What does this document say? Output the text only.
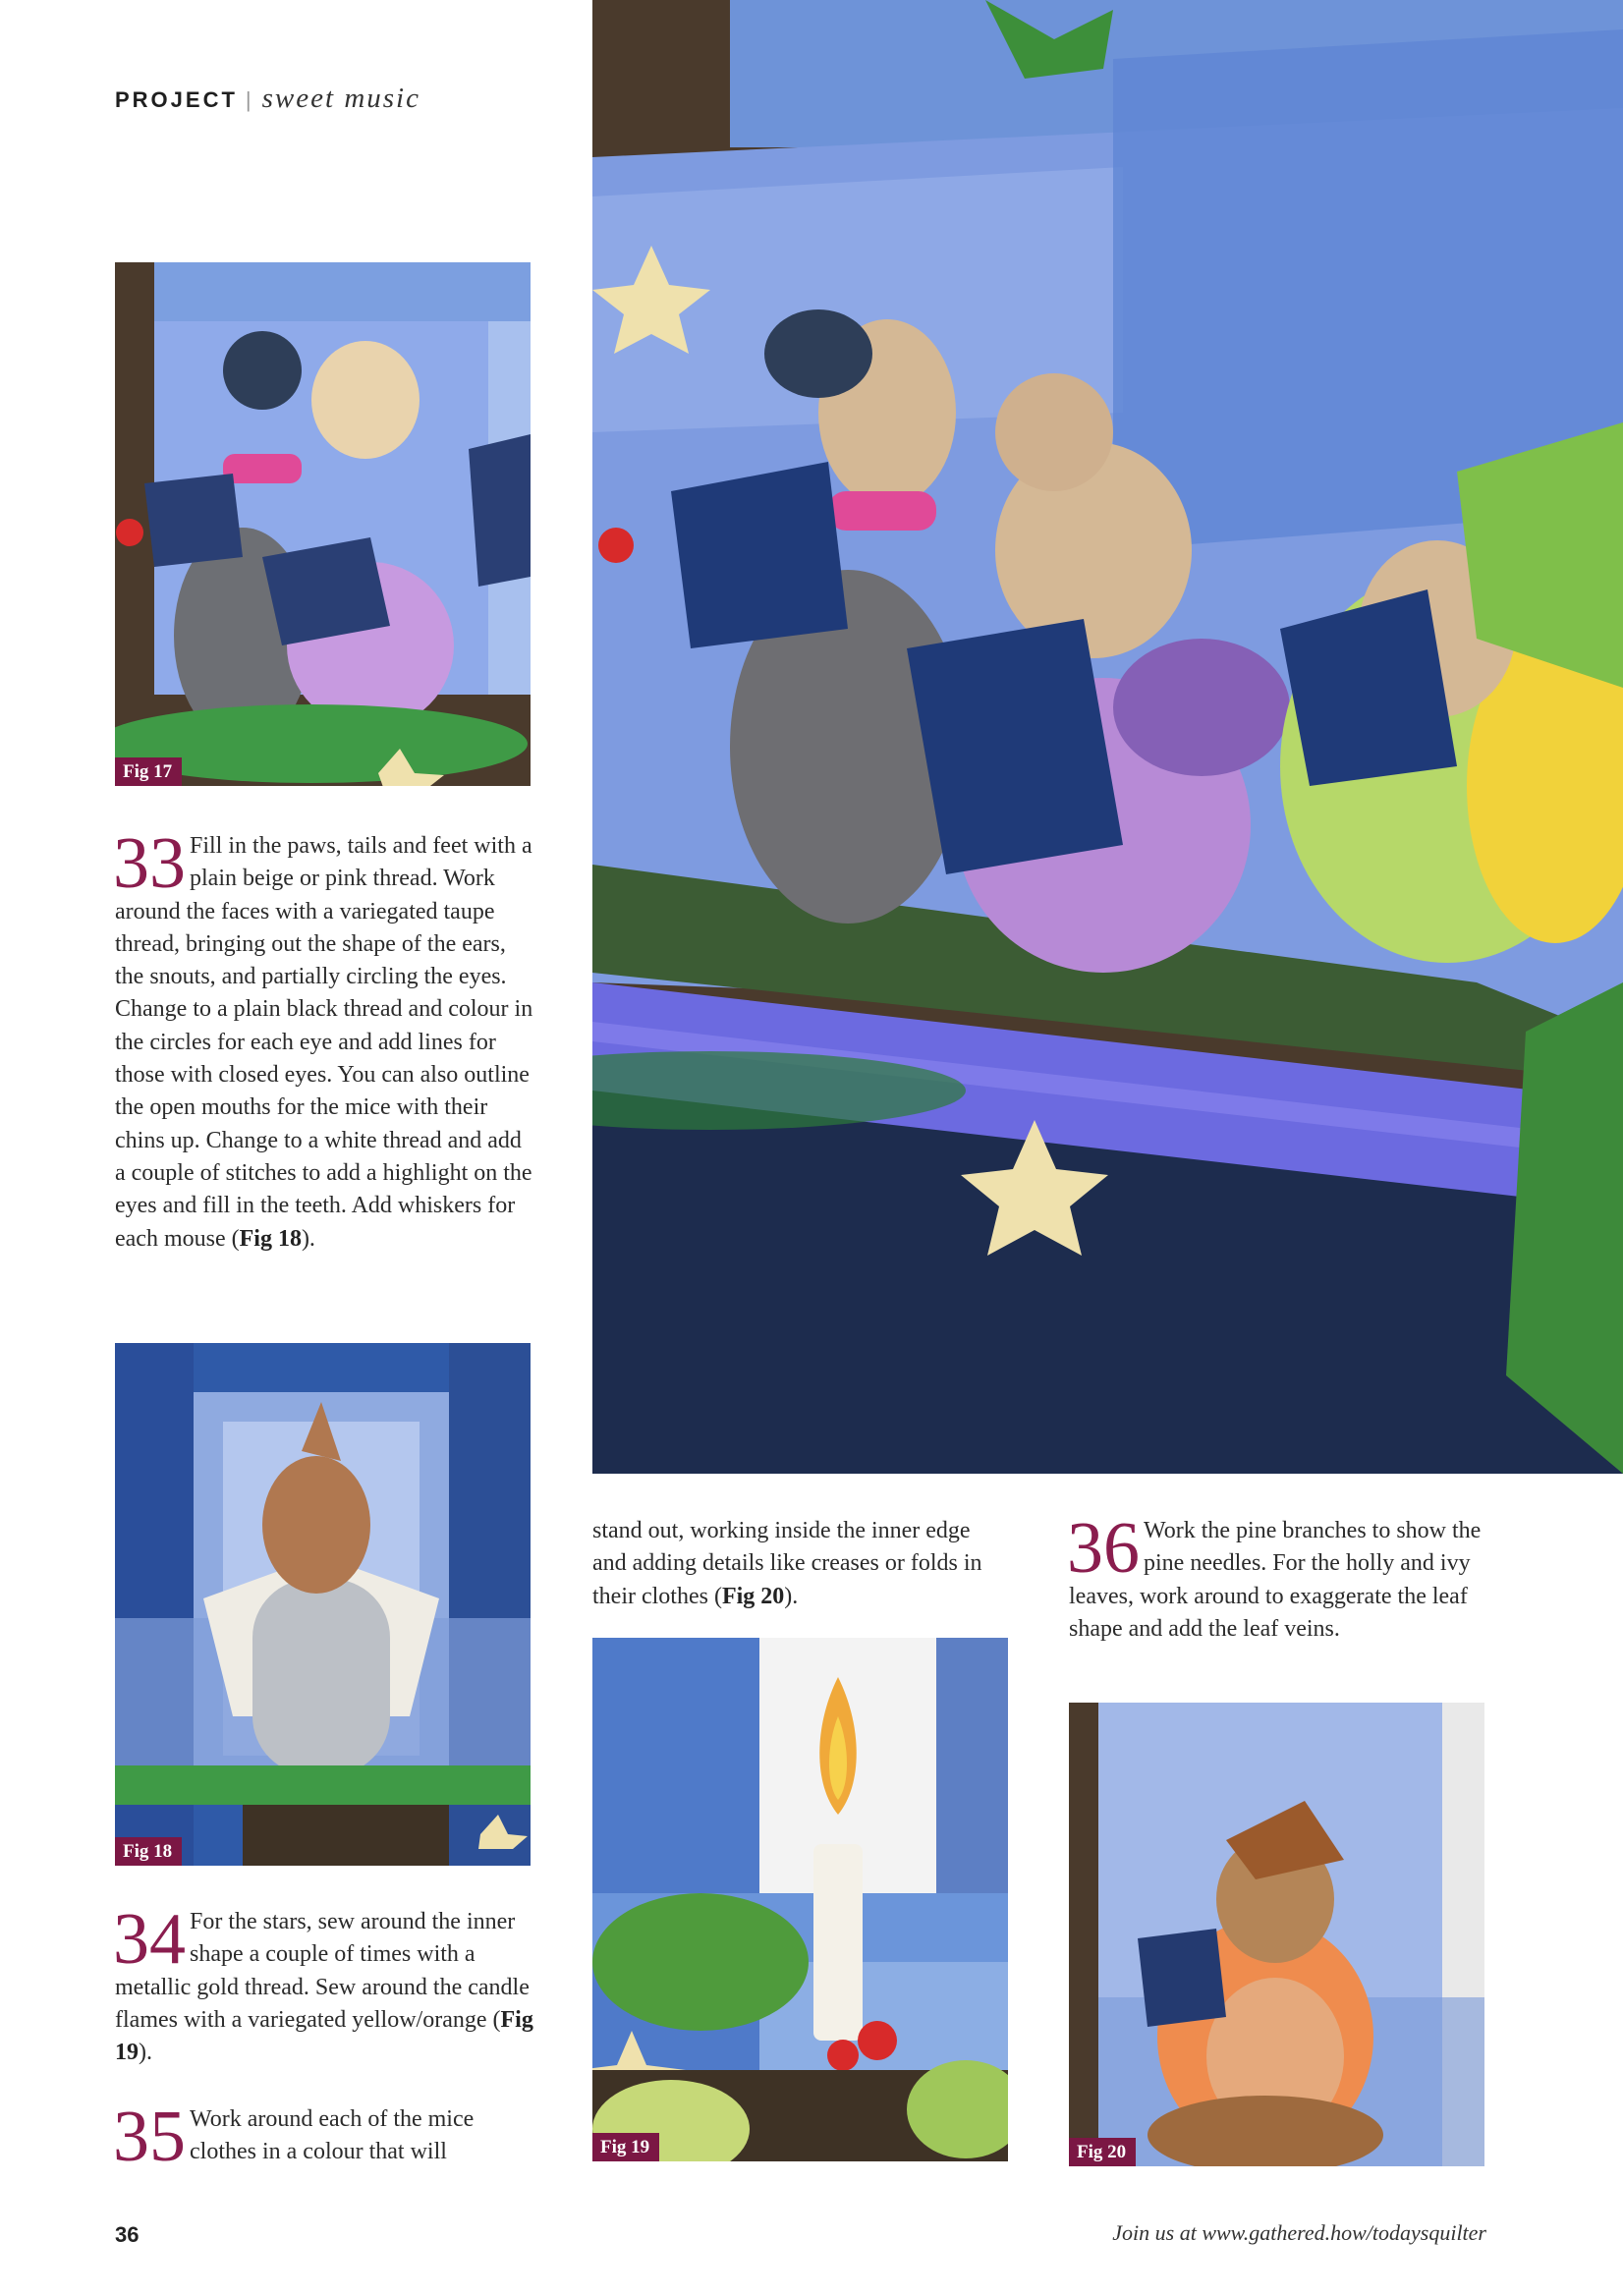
PROJECT | sweet music
Fig 17
33 Fill in the paws, tails and feet with a plain beige or pink thread. Work around the faces with a variegated taupe thread, bringing out the shape of the ears, the snouts, and partially circling the eyes. Change to a plain black thread and colour in the circles for each eye and add lines for those with closed eyes. You can also outline the open mouths for the mice with their chins up. Change to a white thread and add a couple of stitches to add a highlight on the eyes and fill in the teeth. Add whiskers for each mouse (Fig 18).
Fig 18
34 For the stars, sew around the inner shape a couple of times with a metallic gold thread. Sew around the candle flames with a variegated yellow/orange (Fig 19).
35 Work around each of the mice clothes in a colour that will
stand out, working inside the inner edge and adding details like creases or folds in their clothes (Fig 20).
36 Work the pine branches to show the pine needles. For the holly and ivy leaves, work around to exaggerate the leaf shape and add the leaf veins.
Fig 19	Fig 20
36	Join us at www.gathered.how/todaysquilter
